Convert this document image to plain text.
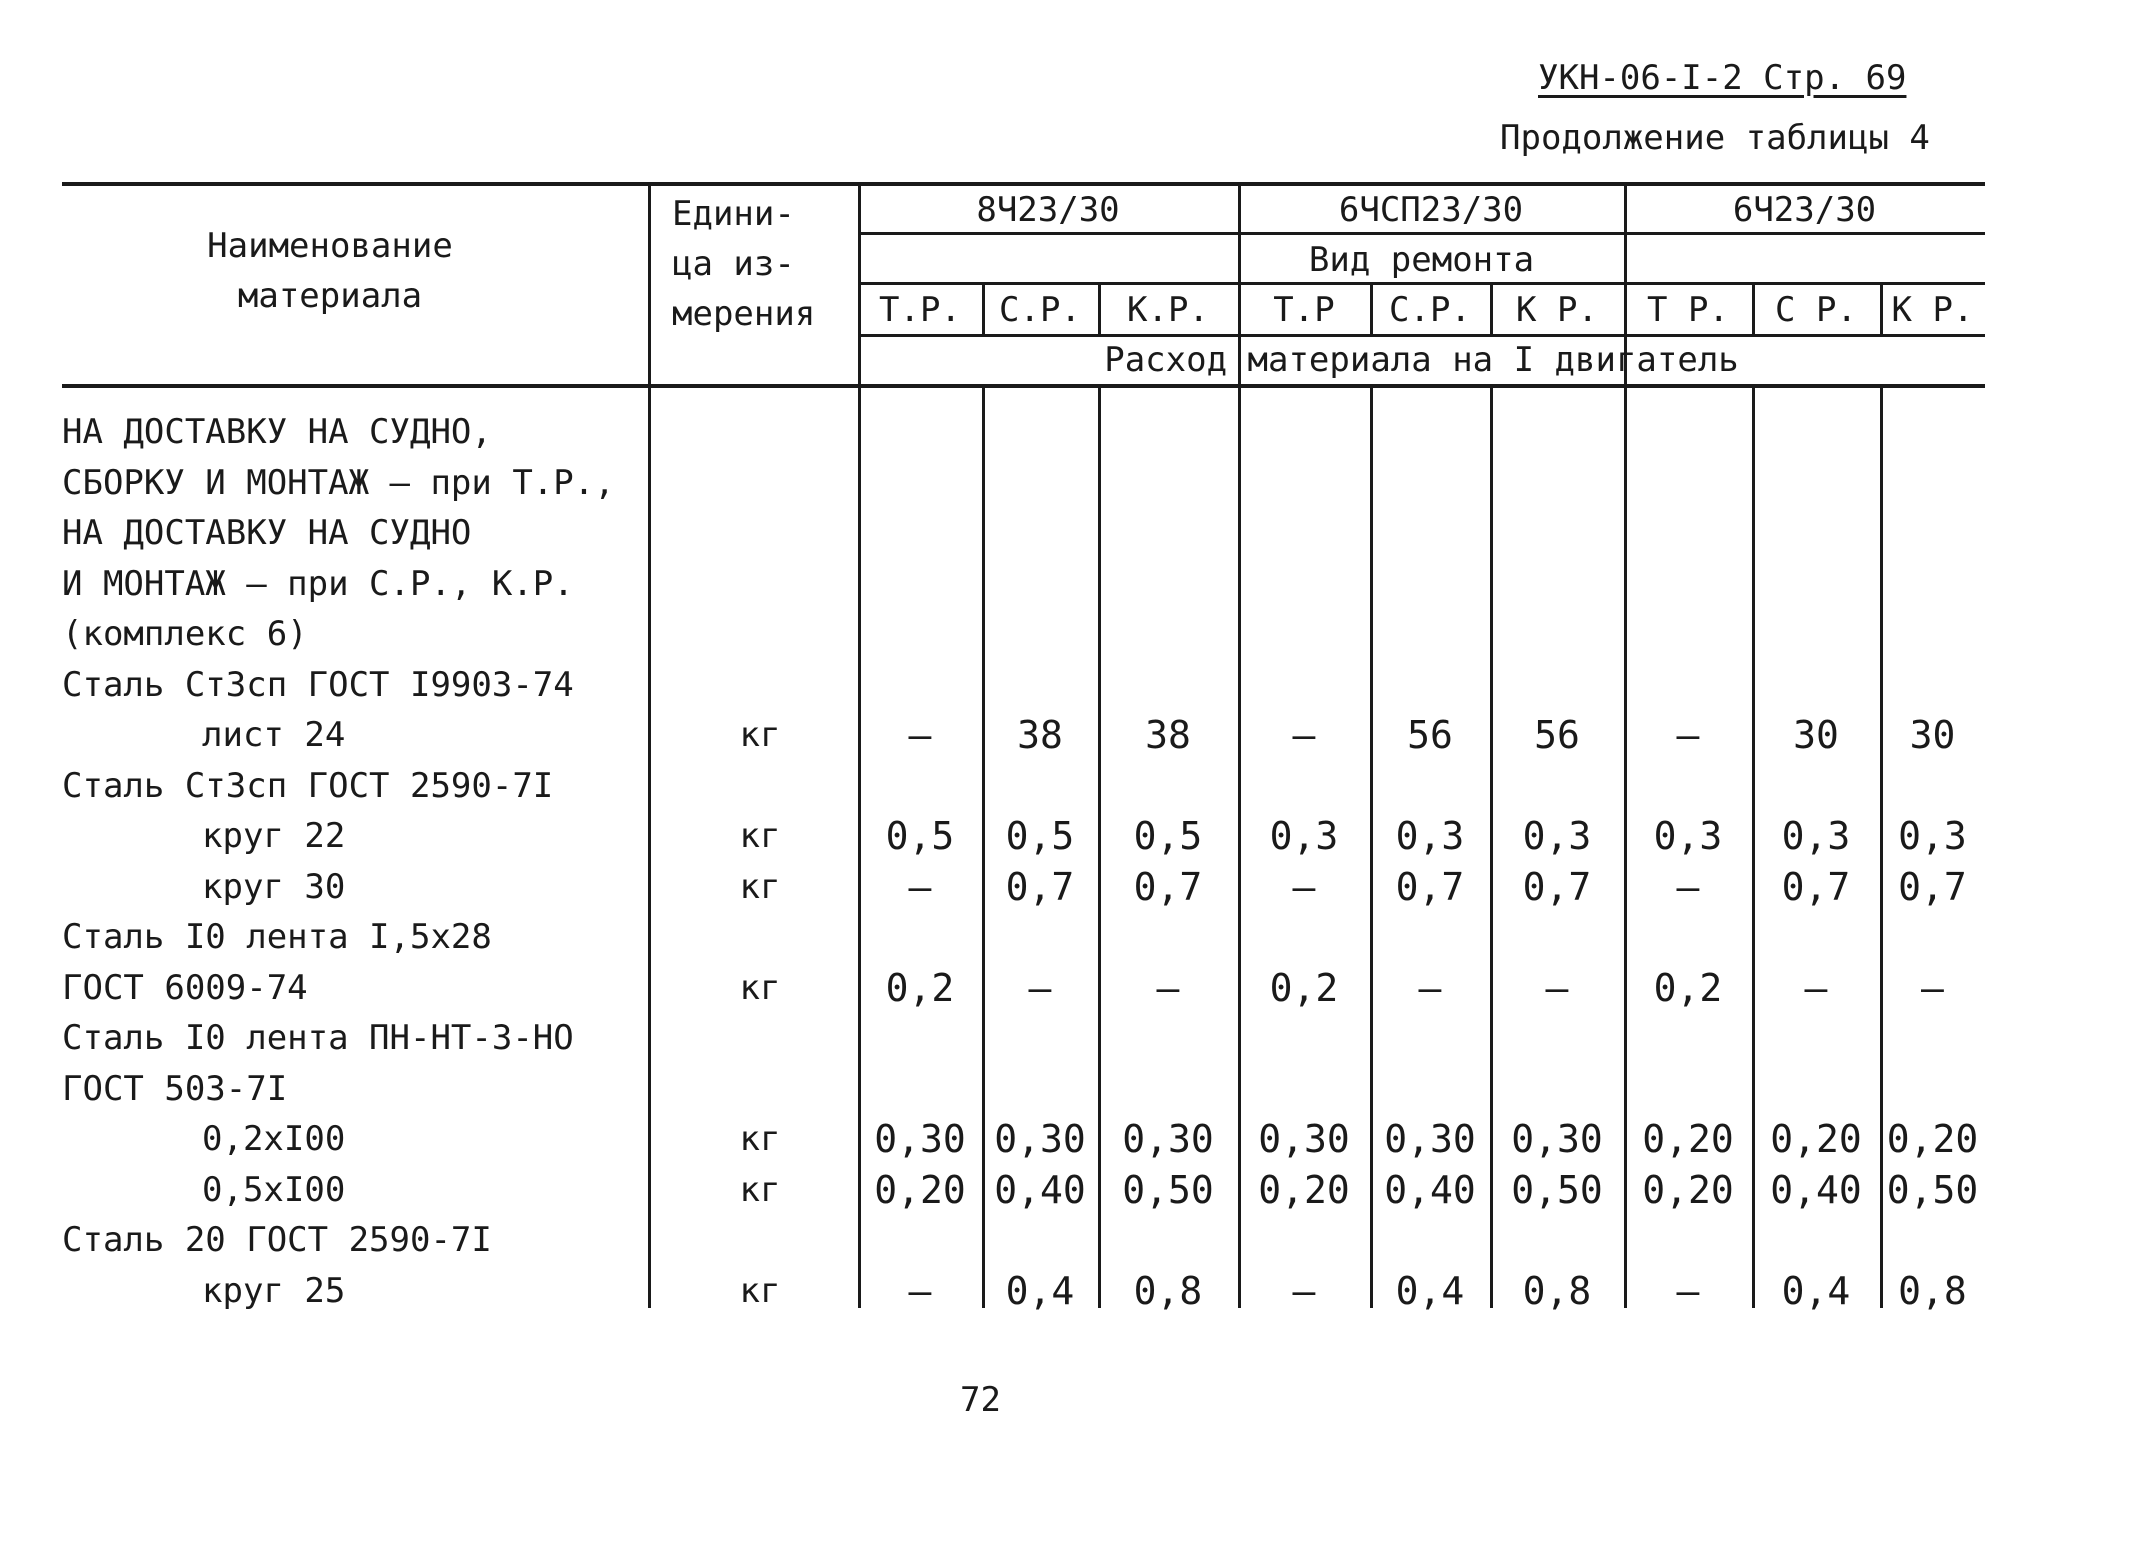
УКН-06-I-2 Стр. 69
Продолжение таблицы 4
Наименование
материала
Едини-
ца из-
мерения
8Ч23/30	6ЧСП23/30	6Ч23/30
Вид ремонта
Т.Р.	С.Р.	К.Р.	Т.Р	С.Р.	К Р.	Т Р.	С Р.	К Р.
Расход материала на I двигатель
НА ДОСТАВКУ НА СУДНО,
СБОРКУ И МОНТАЖ – при Т.Р.,
НА ДОСТАВКУ НА СУДНО
И МОНТАЖ – при С.Р., К.Р.
(комплекс 6)
Сталь Ст3сп ГОСТ I9903-74
лист 24	кг	–	38	38	–	56	56	–	30	30
Сталь Ст3сп ГОСТ 2590-7I
круг 22	кг	0,5	0,5	0,5	0,3	0,3	0,3	0,3	0,3	0,3
круг 30	кг	–	0,7	0,7	–	0,7	0,7	–	0,7	0,7
Сталь I0 лента I,5x28
ГОСТ 6009-74	кг	0,2	–	–	0,2	–	–	0,2	–	–
Сталь I0 лента ПН-НТ-3-НО
ГОСТ 503-7I
0,2xI00	кг	0,30 0,30 0,30	0,30 0,30 0,30	0,20 0,20 0,20
0,5xI00	кг	0,20 0,40 0,50	0,20 0,40 0,50	0,20 0,40 0,50
Сталь 20 ГОСТ 2590-7I
круг 25	кг	–	0,4	0,8	–	0,4	0,8	–	0,4	0,8
72
